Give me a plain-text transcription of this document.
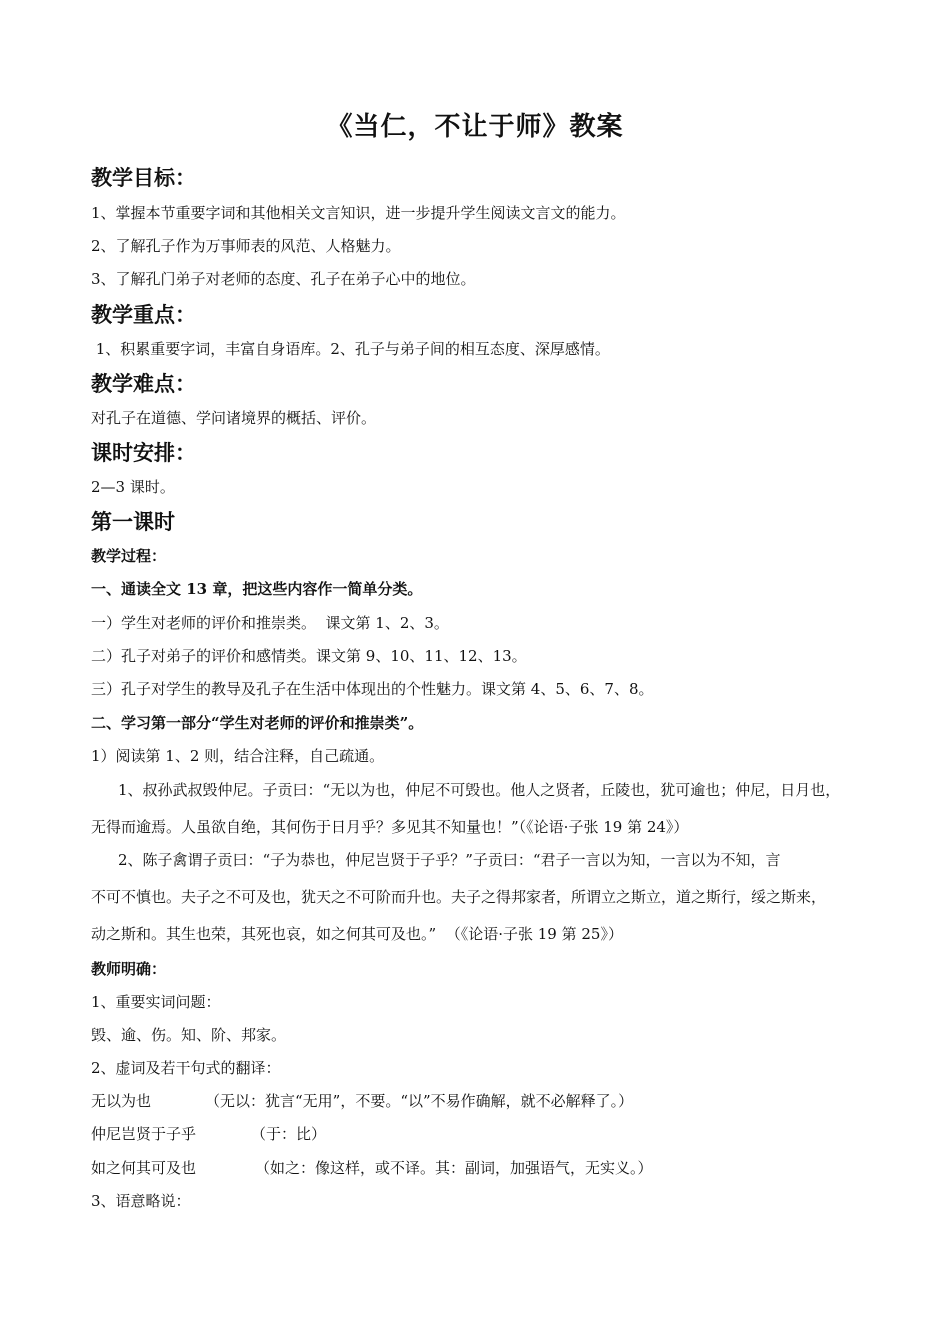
《当仁，不让于师》教案
教学目标：
1、掌握本节重要字词和其他相关文言知识，进一步提升学生阅读文言文的能力。
2、了解孔子作为万事师表的风范、人格魅力。
3、了解孔门弟子对老师的态度、孔子在弟子心中的地位。
教学重点：
1、积累重要字词，丰富自身语库。2、孔子与弟子间的相互态度、深厚感情。
教学难点：
对孔子在道德、学问诸境界的概括、评价。
课时安排：
2—3 课时。
第一课时
教学过程：
一、通读全文 13 章，把这些内容作一简单分类。
一）学生对老师的评价和推崇类。  课文第 1、2、3。
二）孔子对弟子的评价和感情类。课文第 9、10、11、12、13。
三）孔子对学生的教导及孔子在生活中体现出的个性魅力。课文第 4、5、6、7、8。
二、学习第一部分“学生对老师的评价和推崇类”。
1）阅读第 1、2 则，结合注释，自己疏通。
1、叔孙武叔毁仲尼。子贡曰：“无以为也，仲尼不可毁也。他人之贤者，丘陵也，犹可逾也；仲尼，日月也，
无得而逾焉。人虽欲自绝，其何伤于日月乎？多见其不知量也！”（《论语·子张 19 第 24》）
2、陈子禽谓子贡曰：“子为恭也，仲尼岂贤于子乎？”子贡曰：“君子一言以为知，一言以为不知，言
不可不慎也。夫子之不可及也，犹天之不可阶而升也。夫子之得邦家者，所谓立之斯立，道之斯行，绥之斯来，
动之斯和。其生也荣，其死也哀，如之何其可及也。”  （《论语·子张 19 第 25》）
教师明确：
1、重要实词问题：
毁、逾、伤。知、阶、邦家。
2、虚词及若干句式的翻译：
无以为也	（无以：犹言“无用”，不要。“以”不易作确解，就不必解释了。）
仲尼岂贤于子乎	（于：比）
如之何其可及也	（如之：像这样，或不译。其：副词，加强语气，无实义。）
3、语意略说：
